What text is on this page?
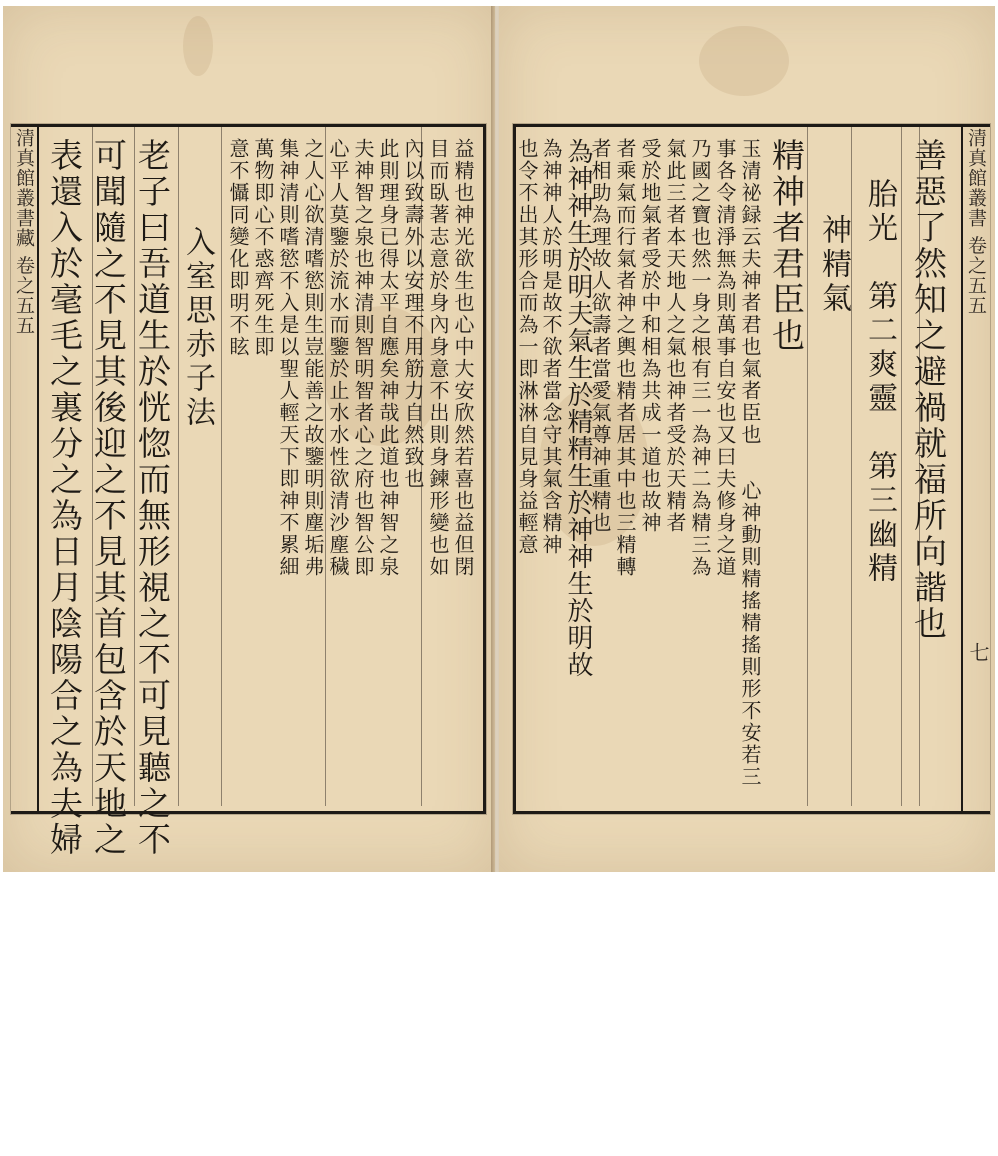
清真館叢書藏 卷之五五 表還入於毫毛之裏分之為日月陰陽合之為夫婦 可聞隨之不見其後迎之不見其首包含於天地之 老子曰吾道生於恍惚而無形視之不可見聽之不 入室思赤子法 意不懾同變化即明不眩 萬物即心不惑齊死生即 集神清則嗜慾不入是以聖人輕天下即神不累細 之人心欲清嗜慾則生豈能善之故鑒明則塵垢弗 心平人莫鑒於流水而鑒於止水水性欲清沙塵穢 夫神智之泉也神清則智明智者心之府也智公即 此則理身已得太平自應矣神哉此道也神智之泉 內以致壽外以安理不用筋力自然致也 目而臥著志意於身內身意不出則身鍊形變也如 益精也神光欲生也心中大安欣然若喜也益但閉	清真館叢書 卷之五五
七
善惡了然知之避禍就福所向諧也
胎光　第二爽靈　第三幽精
神精氣
精神者君臣也
玉清祕録云夫神者君也氣者臣也
心神動則精搖精搖則形不安若三
事各令清淨無為則萬事自安也又曰夫修身之道
乃國之寶也然一身之根有三一為神二為精三為
氣此三者本天地人之氣也神者受於天精者
受於地氣者受於中和相為共成一道也故神
者乘氣而行氣者神之輿也精者居其中也三精轉
者相助為理故人欲壽者當愛氣尊神重精也
為神神生於明夫氣生於精精生於神神生於明故
為神神人於明是故不欲者當念守其氣含精神
也令不出其形合而為一即淋淋自見身益輕意
